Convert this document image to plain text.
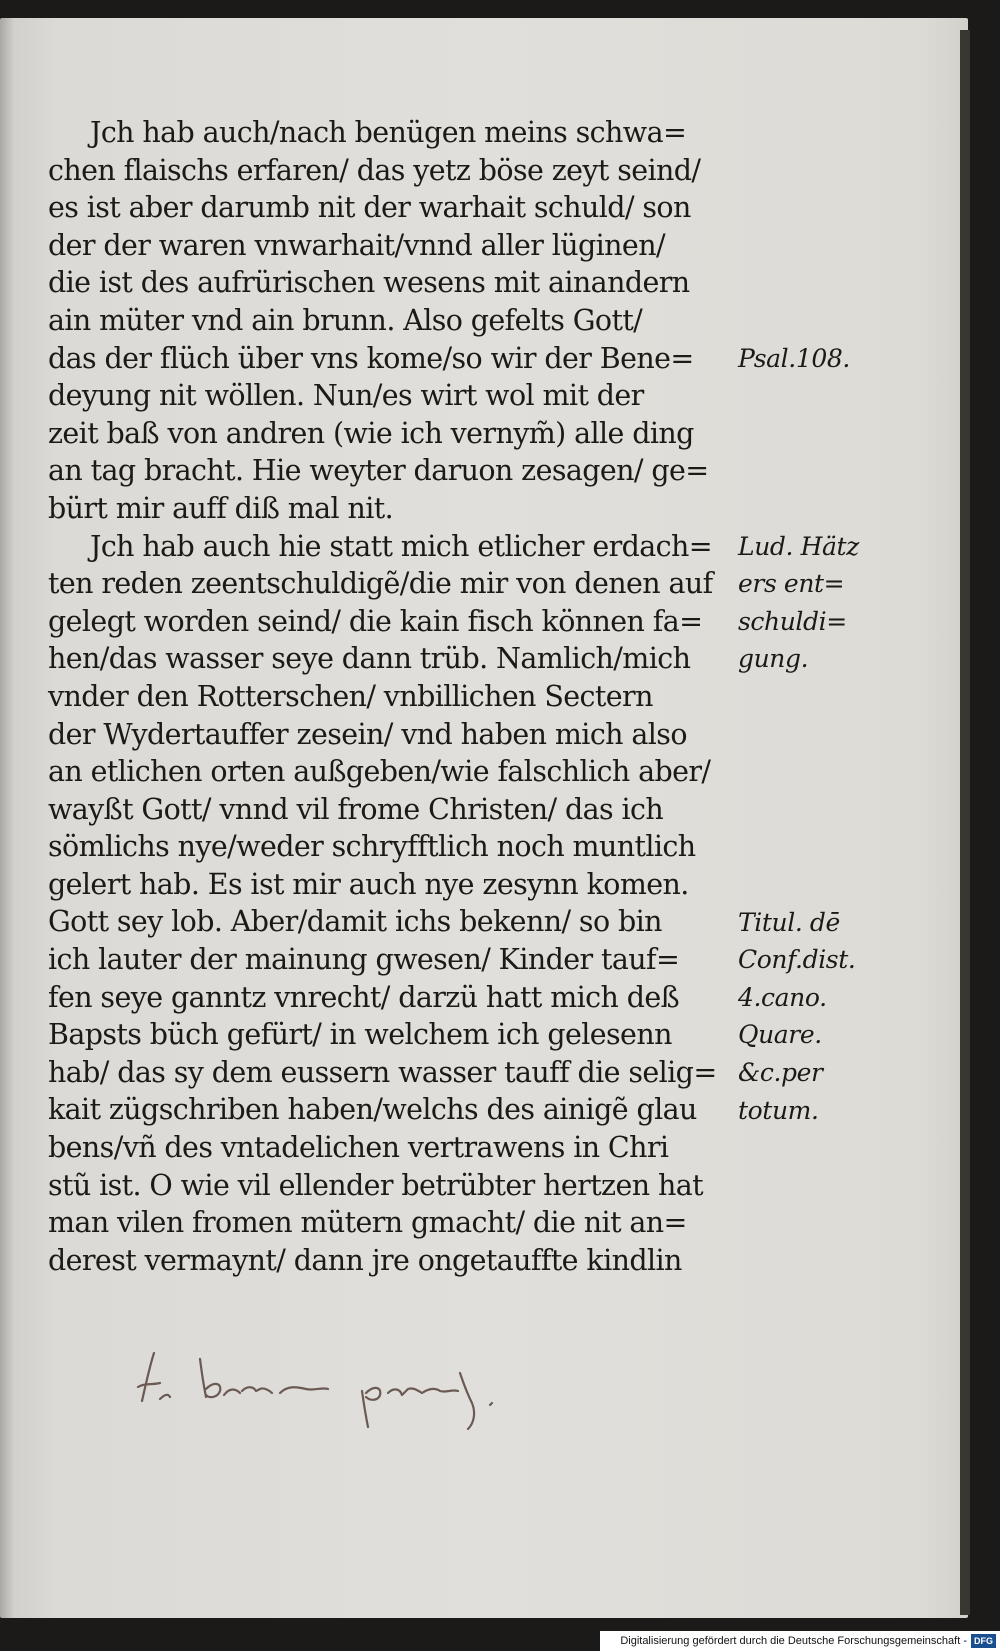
Jch hab auch/nach benügen meins schwa=
chen flaischs erfaren/ das yetz böse zeyt seind/
es ist aber darumb nit der warhait schuld/ son
der der waren vnwarhait/vnnd aller lüginen/
die ist des aufrürischen wesens mit ainandern
ain müter vnd ain brunn. Also gefelts Gott/
das der flüch über vns kome/so wir der Bene=
deyung nit wöllen. Nun/es wirt wol mit der
zeit baß von andren (wie ich vernym̃) alle ding
an tag bracht. Hie weyter daruon zesagen/ ge=
bürt mir auff diß mal nit.
Jch hab auch hie statt mich etlicher erdach=
ten reden zeentschuldigẽ/die mir von denen auf
gelegt worden seind/ die kain fisch können fa=
hen/das wasser seye dann trüb. Namlich/mich
vnder den Rotterschen/ vnbillichen Sectern
der Wydertauffer zesein/ vnd haben mich also
an etlichen orten außgeben/wie falschlich aber/
wayßt Gott/ vnnd vil frome Christen/ das ich
sömlichs nye/weder schryfftlich noch muntlich
gelert hab. Es ist mir auch nye zesynn komen.
Gott sey lob. Aber/damit ichs bekenn/ so bin
ich lauter der mainung gwesen/ Kinder tauf=
fen seye ganntz vnrecht/ darzü hatt mich deß
Bapsts büch gefürt/ in welchem ich gelesenn
hab/ das sy dem eussern wasser tauff die selig=
kait zügschriben haben/welchs des ainigẽ glau
bens/vñ des vntadelichen vertrawens in Chri
stũ ist. O wie vil ellender betrübter hertzen hat
man vilen fromen mütern gmacht/ die nit an=
derest vermaynt/ dann jre ongetauffte kindlin
Psal.108.
Lud. Hätz
ers ent=
schuldi=
gung.
Titul. dē
Conf.dist.
4.cano.
Quare.
&c.per
totum.
Digitalisierung gefördert durch die Deutsche Forschungsgemeinschaft - DFG
